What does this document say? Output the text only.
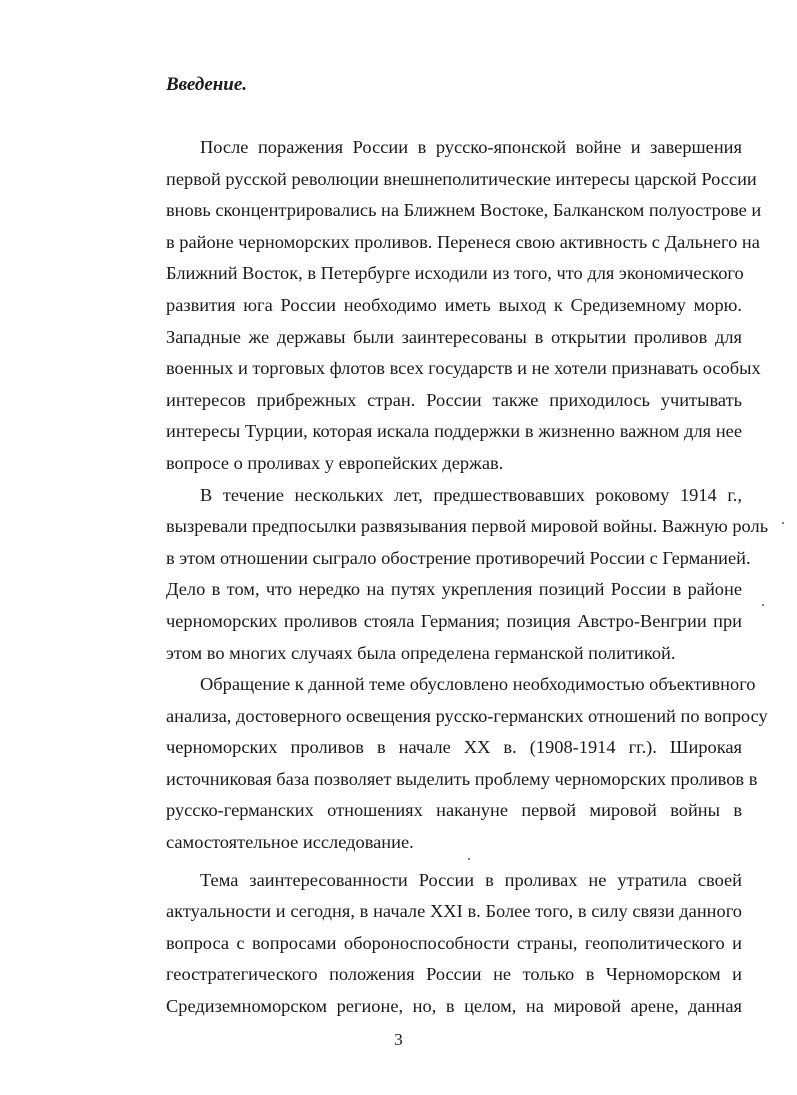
Введение.
После поражения России в русско-японской войне и завершения
первой русской революции внешнеполитические интересы царской России
вновь сконцентрировались на Ближнем Востоке, Балканском полуострове и
в районе черноморских проливов. Перенеся свою активность с Дальнего на
Ближний Восток, в Петербурге исходили из того, что для экономического
развития юга России необходимо иметь выход к Средиземному морю.
Западные же державы были заинтересованы в открытии проливов для
военных и торговых флотов всех государств и не хотели признавать особых
интересов прибрежных стран. России также приходилось учитывать
интересы Турции, которая искала поддержки в жизненно важном для нее
вопросе о проливах у европейских держав.
В течение нескольких лет, предшествовавших роковому 1914 г.,
вызревали предпосылки развязывания первой мировой войны. Важную роль
в этом отношении сыграло обострение противоречий России с Германией.
Дело в том, что нередко на путях укрепления позиций России в районе
черноморских проливов стояла Германия; позиция Австро-Венгрии при
этом во многих случаях была определена германской политикой.
Обращение к данной теме обусловлено необходимостью объективного
анализа, достоверного освещения русско-германских отношений по вопросу
черноморских проливов в начале XX в. (1908-1914 гг.). Широкая
источниковая база позволяет выделить проблему черноморских проливов в
русско-германских отношениях накануне первой мировой войны в
самостоятельное исследование.
Тема заинтересованности России в проливах не утратила своей
актуальности и сегодня, в начале XXI в. Более того, в силу связи данного
вопроса с вопросами обороноспособности страны, геополитического и
геостратегического положения России не только в Черноморском и
Средиземноморском регионе, но, в целом, на мировой арене, данная

3
